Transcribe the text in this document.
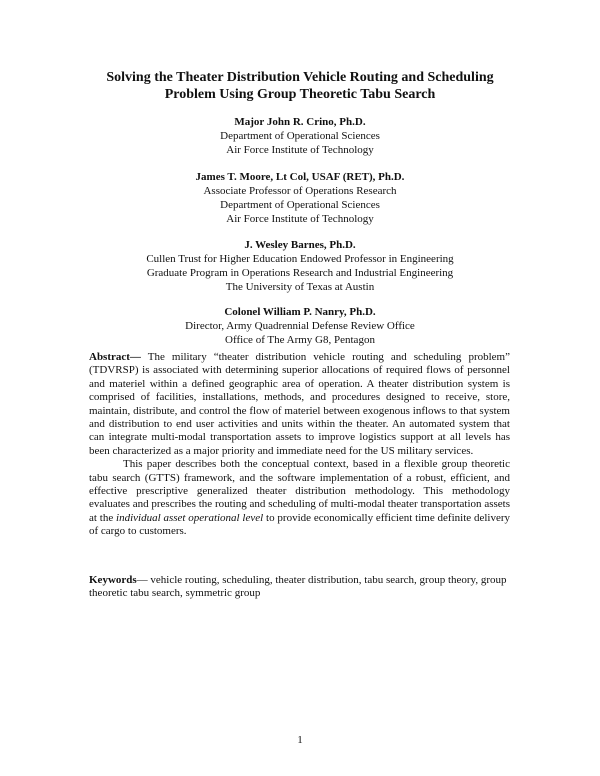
Solving the Theater Distribution Vehicle Routing and Scheduling
Problem Using Group Theoretic Tabu Search
Major John R. Crino, Ph.D.
Department of Operational Sciences
Air Force Institute of Technology
James T. Moore, Lt Col, USAF (RET), Ph.D.
Associate Professor of Operations Research
Department of Operational Sciences
Air Force Institute of Technology
J. Wesley Barnes, Ph.D.
Cullen Trust for Higher Education Endowed Professor in Engineering
Graduate Program in Operations Research and Industrial Engineering
The University of Texas at Austin
Colonel William P. Nanry, Ph.D.
Director, Army Quadrennial Defense Review Office
Office of The Army G8, Pentagon

Abstract— The military “theater distribution vehicle routing and scheduling problem” (TDVRSP) is associated with determining superior allocations of required flows of personnel and materiel within a defined geographic area of operation. A theater distribution system is comprised of facilities, installations, methods, and procedures designed to receive, store, maintain, distribute, and control the flow of materiel between exogenous inflows to that system and distribution to end user activities and units within the theater. An automated system that can integrate multi-modal transportation assets to improve logistics support at all levels has been characterized as a major priority and immediate need for the US military services.

This paper describes both the conceptual context, based in a flexible group theoretic tabu search (GTTS) framework, and the software implementation of a robust, efficient, and effective prescriptive generalized theater distribution methodology. This methodology evaluates and prescribes the routing and scheduling of multi-modal theater transportation assets at the individual asset operational level to provide economically efficient time definite delivery of cargo to customers.

Keywords— vehicle routing, scheduling, theater distribution, tabu search, group theory, group theoretic tabu search, symmetric group
1
